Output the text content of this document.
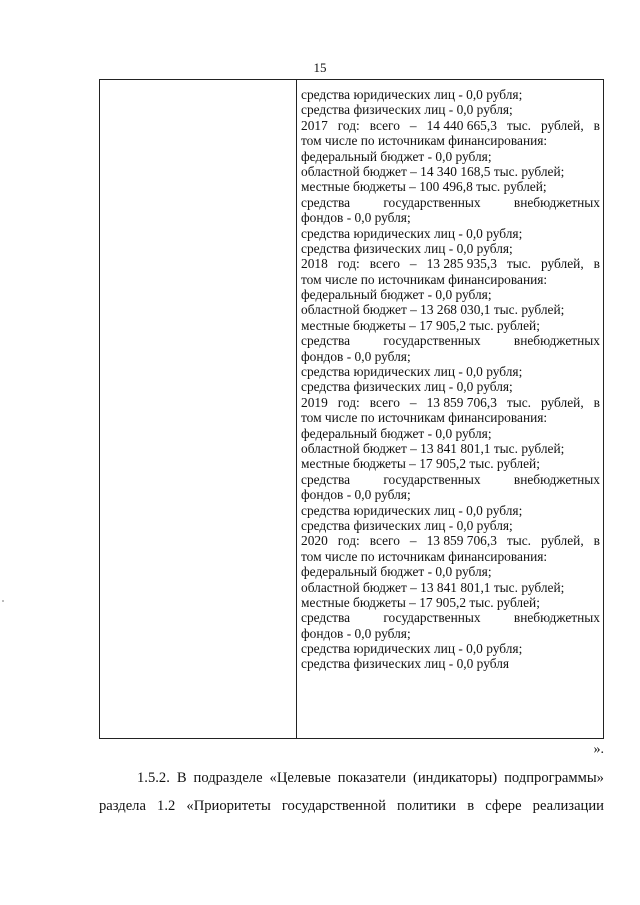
15
средства юридических лиц - 0,0 рубля;
средства физических лиц - 0,0 рубля;
2017 год: всего – 14 440 665,3 тыс. рублей, в
том числе по источникам финансирования:
федеральный бюджет - 0,0 рубля;
областной бюджет – 14 340 168,5 тыс. рублей;
местные бюджеты – 100 496,8 тыс. рублей;
средства государственных внебюджетных
фондов - 0,0 рубля;
средства юридических лиц - 0,0 рубля;
средства физических лиц - 0,0 рубля;
2018 год: всего – 13 285 935,3 тыс. рублей, в
том числе по источникам финансирования:
федеральный бюджет - 0,0 рубля;
областной бюджет – 13 268 030,1 тыс. рублей;
местные бюджеты – 17 905,2 тыс. рублей;
средства государственных внебюджетных
фондов - 0,0 рубля;
средства юридических лиц - 0,0 рубля;
средства физических лиц - 0,0 рубля;
2019 год: всего – 13 859 706,3 тыс. рублей, в
том числе по источникам финансирования:
федеральный бюджет - 0,0 рубля;
областной бюджет – 13 841 801,1 тыс. рублей;
местные бюджеты – 17 905,2 тыс. рублей;
средства государственных внебюджетных
фондов - 0,0 рубля;
средства юридических лиц - 0,0 рубля;
средства физических лиц - 0,0 рубля;
2020 год: всего – 13 859 706,3 тыс. рублей, в
том числе по источникам финансирования:
федеральный бюджет - 0,0 рубля;
областной бюджет – 13 841 801,1 тыс. рублей;
местные бюджеты – 17 905,2 тыс. рублей;
средства государственных внебюджетных
фондов - 0,0 рубля;
средства юридических лиц - 0,0 рубля;
средства физических лиц - 0,0 рубля
».
1.5.2. В подразделе «Целевые показатели (индикаторы) подпрограммы»
раздела 1.2 «Приоритеты государственной политики в сфере реализации
